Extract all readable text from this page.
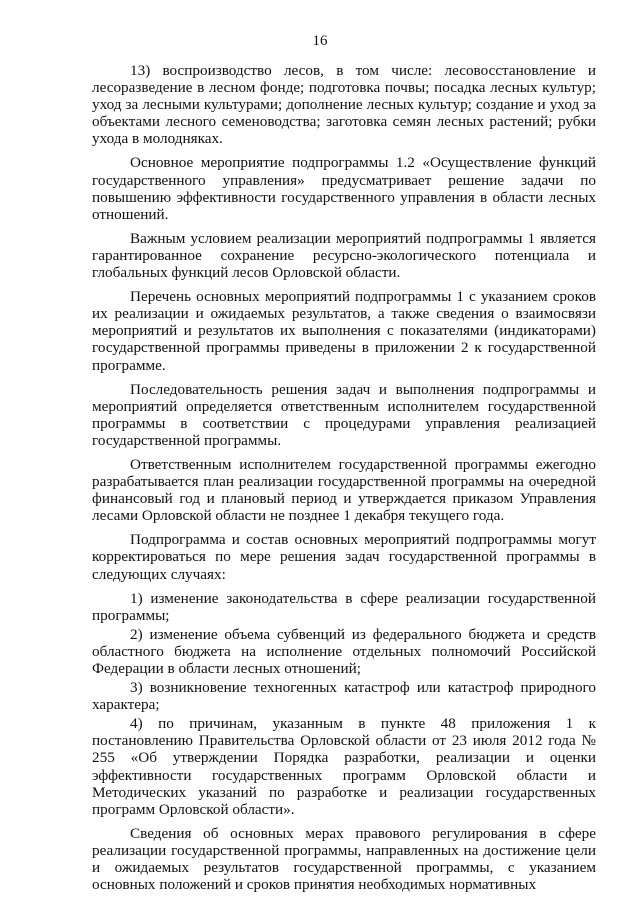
16

13) воспроизводство лесов, в том числе: лесовосстановление и лесоразведение в лесном фонде; подготовка почвы; посадка лесных культур; уход за лесными культурами; дополнение лесных культур; создание и уход за объектами лесного семеноводства; заготовка семян лесных растений; рубки ухода в молодняках.

Основное мероприятие подпрограммы 1.2 «Осуществление функций государственного управления» предусматривает решение задачи по повышению эффективности государственного управления в области лесных отношений.

Важным условием реализации мероприятий подпрограммы 1 является гарантированное сохранение ресурсно-экологического потенциала и глобальных функций лесов Орловской области.

Перечень основных мероприятий подпрограммы 1 с указанием сроков их реализации и ожидаемых результатов, а также сведения о взаимосвязи мероприятий и результатов их выполнения с показателями (индикаторами) государственной программы приведены в приложении 2 к государственной программе.

Последовательность решения задач и выполнения подпрограммы и мероприятий определяется ответственным исполнителем государственной программы в соответствии с процедурами управления реализацией государственной программы.

Ответственным исполнителем государственной программы ежегодно разрабатывается план реализации государственной программы на очередной финансовый год и плановый период и утверждается приказом Управления лесами Орловской области не позднее 1 декабря текущего года.

Подпрограмма и состав основных мероприятий подпрограммы могут корректироваться по мере решения задач государственной программы в следующих случаях:

1) изменение законодательства в сфере реализации государственной программы;

2) изменение объема субвенций из федерального бюджета и средств областного бюджета на исполнение отдельных полномочий Российской Федерации в области лесных отношений;

3) возникновение техногенных катастроф или катастроф природного характера;

4) по причинам, указанным в пункте 48 приложения 1 к постановлению Правительства Орловской области от 23 июля 2012 года № 255 «Об утверждении Порядка разработки, реализации и оценки эффективности государственных программ Орловской области и Методических указаний по разработке и реализации государственных программ Орловской области».

Сведения об основных мерах правового регулирования в сфере реализации государственной программы, направленных на достижение цели и ожидаемых результатов государственной программы, с указанием основных положений и сроков принятия необходимых нормативных
